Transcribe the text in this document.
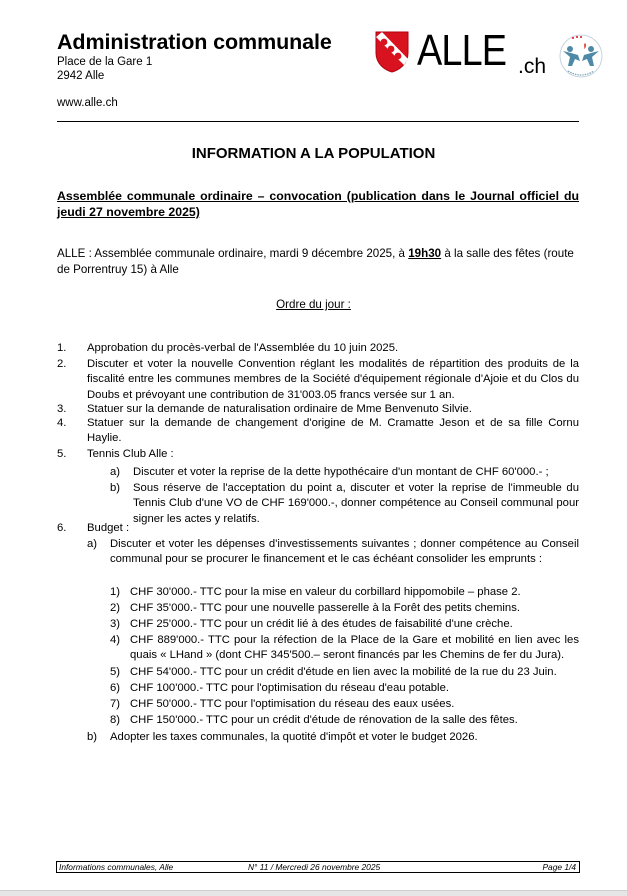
Administration communale
Place de la Gare 1
2942 Alle
www.alle.ch
ALLE .ch
INFORMATION A LA POPULATION
Assemblée communale ordinaire – convocation (publication dans le Journal officiel du jeudi 27 novembre 2025)
ALLE : Assemblée communale ordinaire, mardi 9 décembre 2025, à 19h30 à la salle des fêtes (route de Porrentruy 15) à Alle
Ordre du jour :
1. Approbation du procès-verbal de l'Assemblée du 10 juin 2025.
2. Discuter et voter la nouvelle Convention réglant les modalités de répartition des produits de la fiscalité entre les communes membres de la Société d'équipement régionale d'Ajoie et du Clos du Doubs et prévoyant une contribution de 31'003.05 francs versée sur 1 an.
3. Statuer sur la demande de naturalisation ordinaire de Mme Benvenuto Silvie.
4. Statuer sur la demande de changement d'origine de M. Cramatte Jeson et de sa fille Cornu Haylie.
5. Tennis Club Alle :
a) Discuter et voter la reprise de la dette hypothécaire d'un montant de CHF 60'000.- ;
b) Sous réserve de l'acceptation du point a, discuter et voter la reprise de l'immeuble du Tennis Club d'une VO de CHF 169'000.-, donner compétence au Conseil communal pour signer les actes y relatifs.
6. Budget :
a) Discuter et voter les dépenses d'investissements suivantes ; donner compétence au Conseil communal pour se procurer le financement et le cas échéant consolider les emprunts :
1) CHF 30'000.- TTC pour la mise en valeur du corbillard hippomobile – phase 2.
2) CHF 35'000.- TTC pour une nouvelle passerelle à la Forêt des petits chemins.
3) CHF 25'000.- TTC pour un crédit lié à des études de faisabilité d'une crèche.
4) CHF 889'000.- TTC pour la réfection de la Place de la Gare et mobilité en lien avec les quais « LHand » (dont CHF 345'500.– seront financés par les Chemins de fer du Jura).
5) CHF 54'000.- TTC pour un crédit d'étude en lien avec la mobilité de la rue du 23 Juin.
6) CHF 100'000.- TTC pour l'optimisation du réseau d'eau potable.
7) CHF 50'000.- TTC pour l'optimisation du réseau des eaux usées.
8) CHF 150'000.- TTC pour un crédit d'étude de rénovation de la salle des fêtes.
b) Adopter les taxes communales, la quotité d'impôt et voter le budget 2026.
Informations communales, Alle	N° 11 / Mercredi 26 novembre 2025	Page 1/4
